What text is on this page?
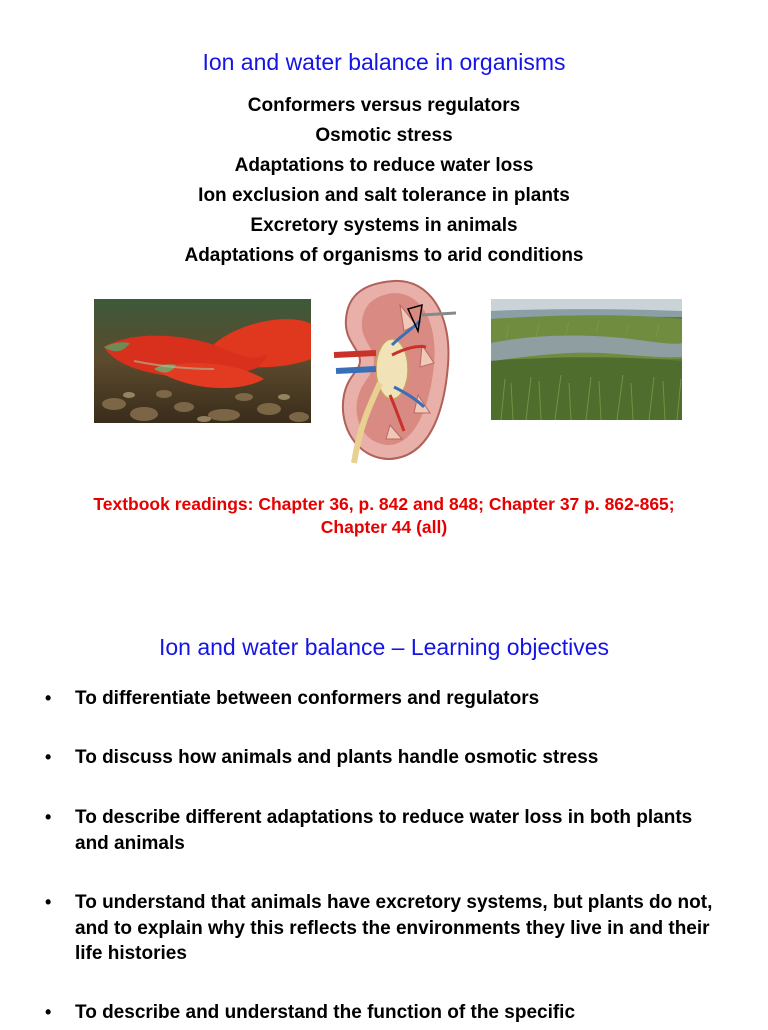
Ion and water balance in organisms
Conformers versus regulators
Osmotic stress
Adaptations to reduce water loss
Ion exclusion and salt tolerance in plants
Excretory systems in animals
Adaptations of organisms to arid conditions
Textbook readings: Chapter 36, p. 842 and 848; Chapter 37 p. 862-865;
Chapter 44 (all)
Ion and water balance – Learning objectives
• To differentiate between conformers and regulators
• To discuss how animals and plants handle osmotic stress
• To describe different adaptations to reduce water loss in both plants and animals
• To understand that animals have excretory systems, but plants do not, and to explain why this reflects the environments they live in and their life histories
• To describe and understand the function of the specific
